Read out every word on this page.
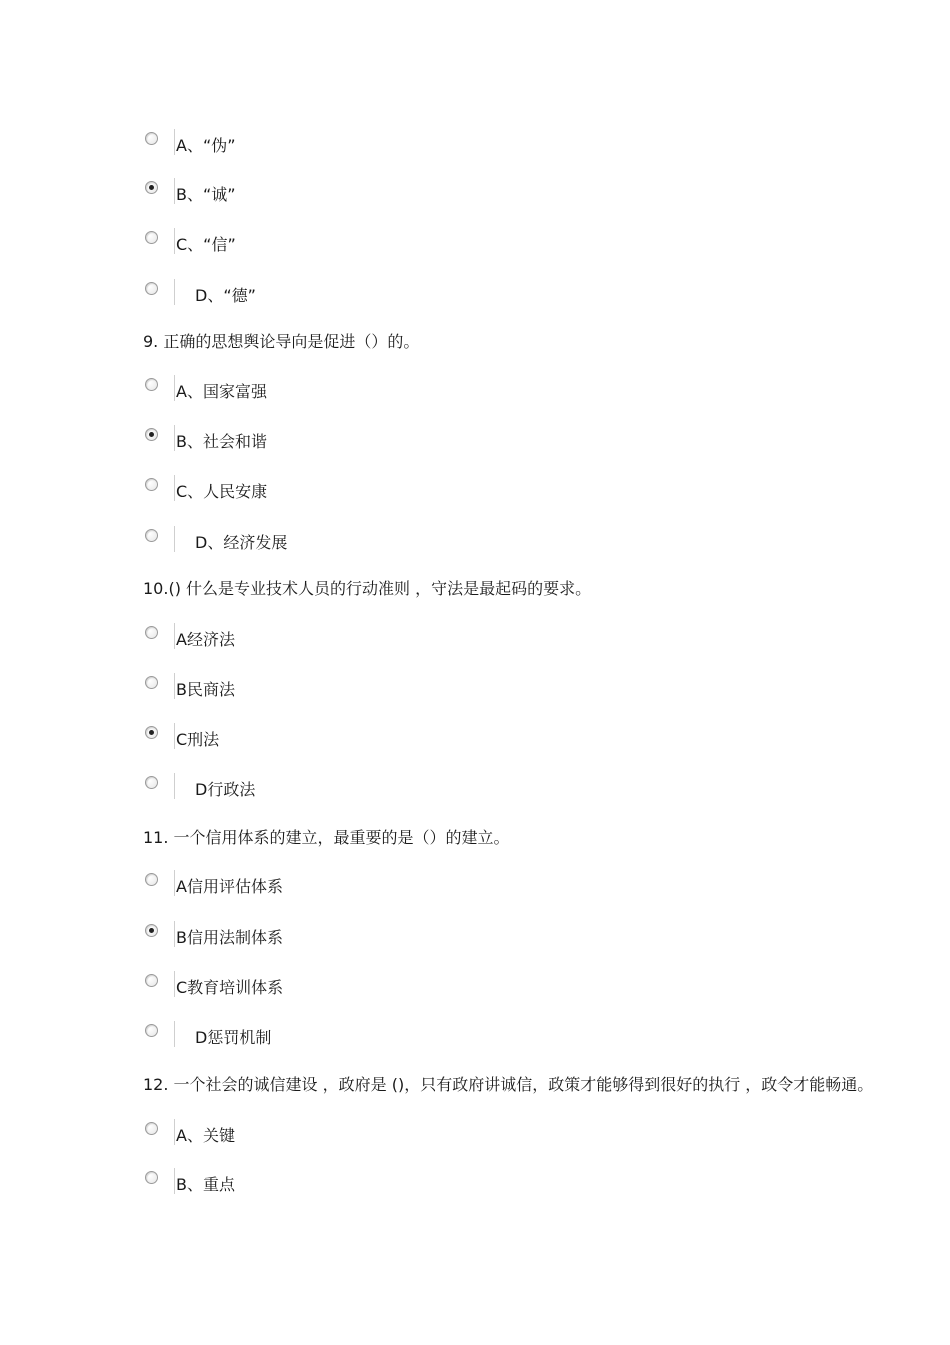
A、“伪”
B、“诚”
C、“信”
D、“德”
9. 正确的思想舆论导向是促进（）的。
A、国家富强
B、社会和谐
C、人民安康
D、经济发展
10.() 什么是专业技术人员的行动准则 ，守法是最起码的要求。
A经济法
B民商法
C刑法
D行政法
11. 一个信用体系的建立，最重要的是（）的建立。
A信用评估体系
B信用法制体系
C教育培训体系
D惩罚机制
12. 一个社会的诚信建设 ，政府是 ()，只有政府讲诚信，政策才能够得到很好的执行 ，政令才能畅通。
A、关键
B、重点
